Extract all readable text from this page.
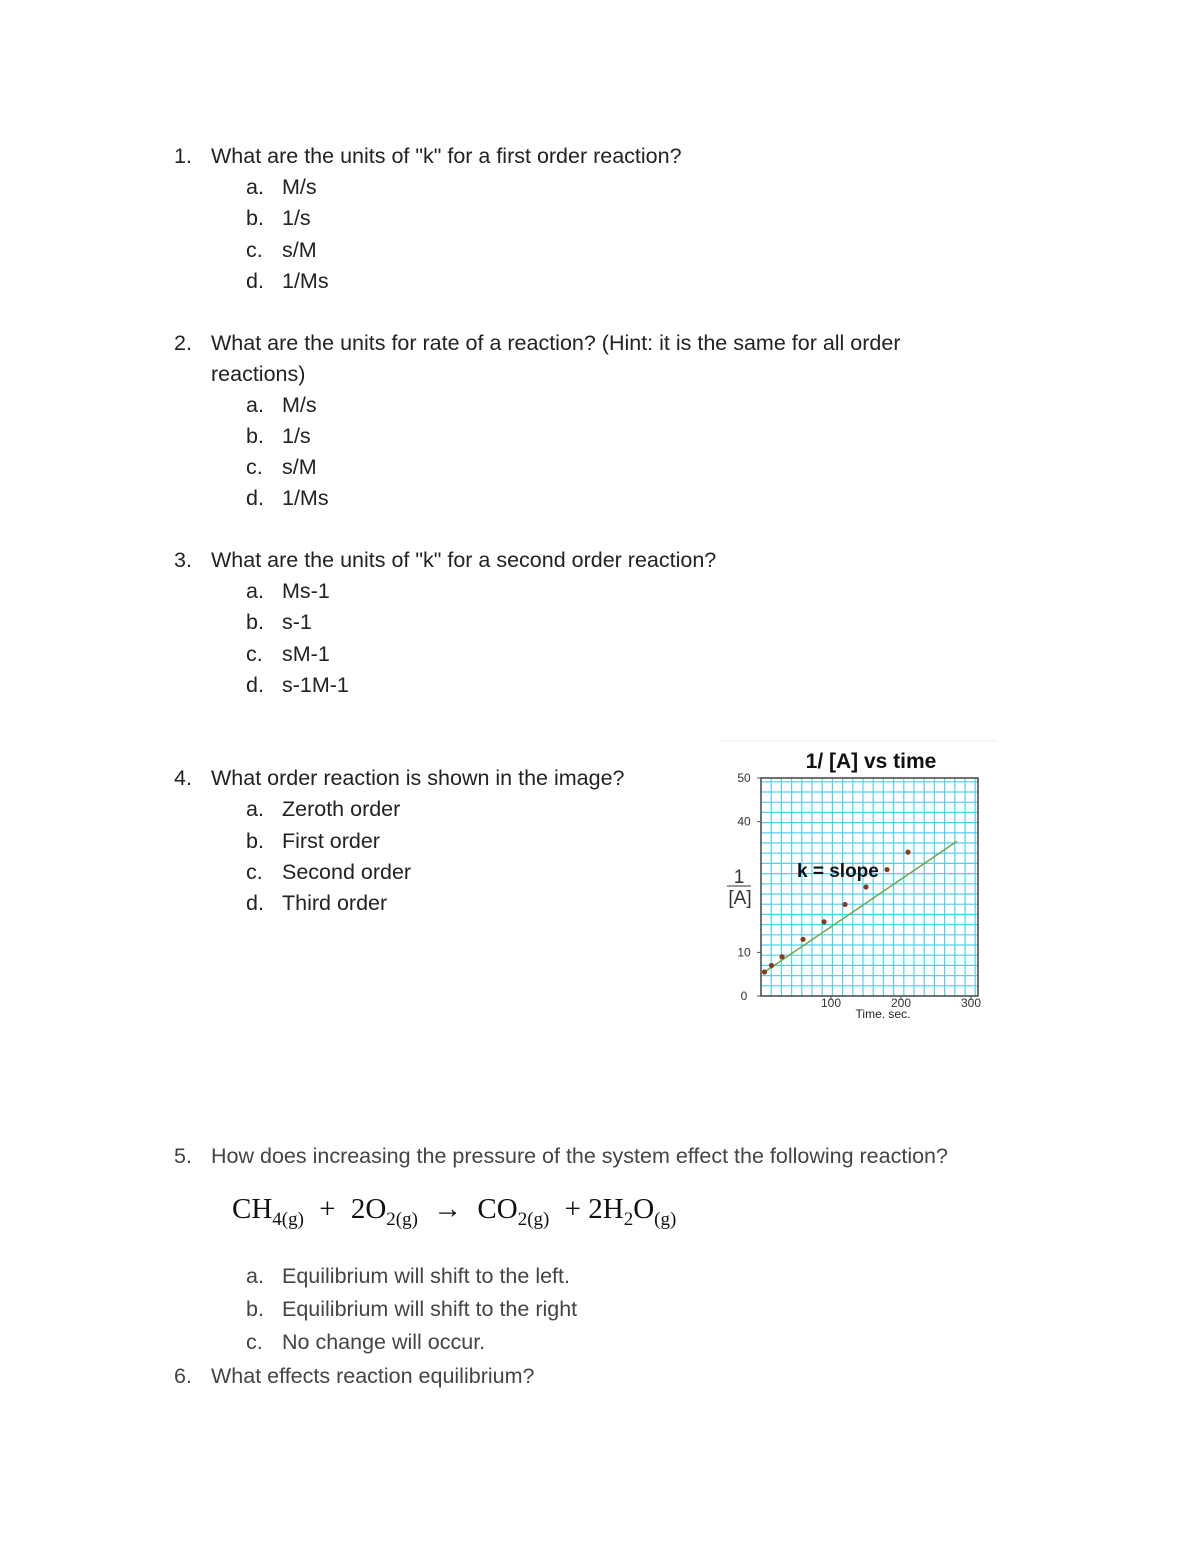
1. What are the units of "k" for a first order reaction?
a. M/s
b. 1/s
c. s/M
d. 1/Ms
2. What are the units for rate of a reaction? (Hint: it is the same for all order
reactions)
a. M/s
b. 1/s
c. s/M
d. 1/Ms
3. What are the units of "k" for a second order reaction?
a. Ms-1
b. s-1
c. sM-1
d. s-1M-1
4. What order reaction is shown in the image?
a. Zeroth order
b. First order
c. Second order
d. Third order
1/ [A] vs time
0
10
40
50
100	200	300
1
[A]
k = slope
Time. sec.
5. How does increasing the pressure of the system effect the following reaction?
$CH_{4(g)} + 2O_{2(g)} \to CO_{2(g)} + 2H_2O_{(g)}$
a. Equilibrium will shift to the left.
b. Equilibrium will shift to the right
c. No change will occur.
6. What effects reaction equilibrium?
